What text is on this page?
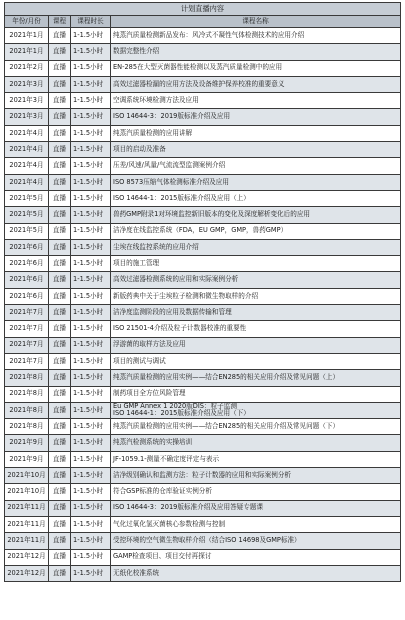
计划直播内容			
年份/月份	课程	课程时长	课程名称
2021年1月	直播	1-1.5小时	纯蒸汽质量检测新品发布：风冷式不凝性气体检测技术的应用介绍
2021年1月	直播	1-1.5小时	数据完整性介绍
2021年2月	直播	1-1.5小时	EN-285在大型灭菌器性能检测以及蒸汽质量检测中的应用
2021年3月	直播	1-1.5小时	高效过滤器检漏的应用方法及设备维护保养校准的重要意义
2021年3月	直播	1-1.5小时	空调系统环境检测方法及应用
2021年3月	直播	1-1.5小时	ISO 14644-3：2019版标准介绍及应用
2021年4月	直播	1-1.5小时	纯蒸汽质量检测的应用讲解
2021年4月	直播	1-1.5小时	项目的启动及准备
2021年4月	直播	1-1.5小时	压差/风速/风量/气流流型监测案例介绍
2021年4月	直播	1-1.5小时	ISO 8573压缩气体检测标准介绍及应用
2021年5月	直播	1-1.5小时	ISO 14644-1：2015版标准介绍及应用（上）
2021年5月	直播	1-1.5小时	兽药GMP附录1对环境监控新旧版本的变化及深度解析变化后的应用
2021年5月	直播	1-1.5小时	洁净度在线监控系统（FDA，EU GMP，GMP，兽药GMP）
2021年6月	直播	1-1.5小时	尘埃在线监控系统的应用介绍
2021年6月	直播	1-1.5小时	项目的施工管理
2021年6月	直播	1-1.5小时	高效过滤器检测系统的应用和实际案例分析
2021年6月	直播	1-1.5小时	新版药典中关于尘埃粒子检测和微生物取样的介绍
2021年7月	直播	1-1.5小时	洁净度监测阶段的应用及数据传输和管理
2021年7月	直播	1-1.5小时	ISO 21501-4介绍及粒子计数器校准的重要性
2021年7月	直播	1-1.5小时	浮游菌的取样方法及应用
2021年7月	直播	1-1.5小时	项目的测试与调试
2021年8月	直播	1-1.5小时	纯蒸汽质量检测的应用实例——结合EN285的相关应用介绍及常见问题（上）
2021年8月	直播	1-1.5小时	制药项目全方位风险管理
2021年8月	直播	1-1.5小时	Eu GMP Annex 1 2020版DIS：粒子监测
ISO 14644-1：2015版标准介绍及应用（下）
2021年8月	直播	1-1.5小时	纯蒸汽质量检测的应用实例——结合EN285的相关应用介绍及常见问题（下）
2021年9月	直播	1-1.5小时	纯蒸汽检测系统的实操培训
2021年9月	直播	1-1.5小时	JF-1059.1-测量不确定度评定与表示
2021年10月	直播	1-1.5小时	洁净级别确认和监测方法：粒子计数器的应用和实际案例分析
2021年10月	直播	1-1.5小时	符合GSP标准的仓库验证实例分析
2021年11月	直播	1-1.5小时	ISO 14644-3：2019版标准介绍及应用答疑专题课
2021年11月	直播	1-1.5小时	气化过氧化氢灭菌核心参数检测与控制
2021年11月	直播	1-1.5小时	受控环境的空气微生物取样介绍（结合ISO 14698及GMP标准）
2021年12月	直播	1-1.5小时	GAMP检查项目、项目交付再探讨
2021年12月	直播	1-1.5小时	无纸化校准系统
